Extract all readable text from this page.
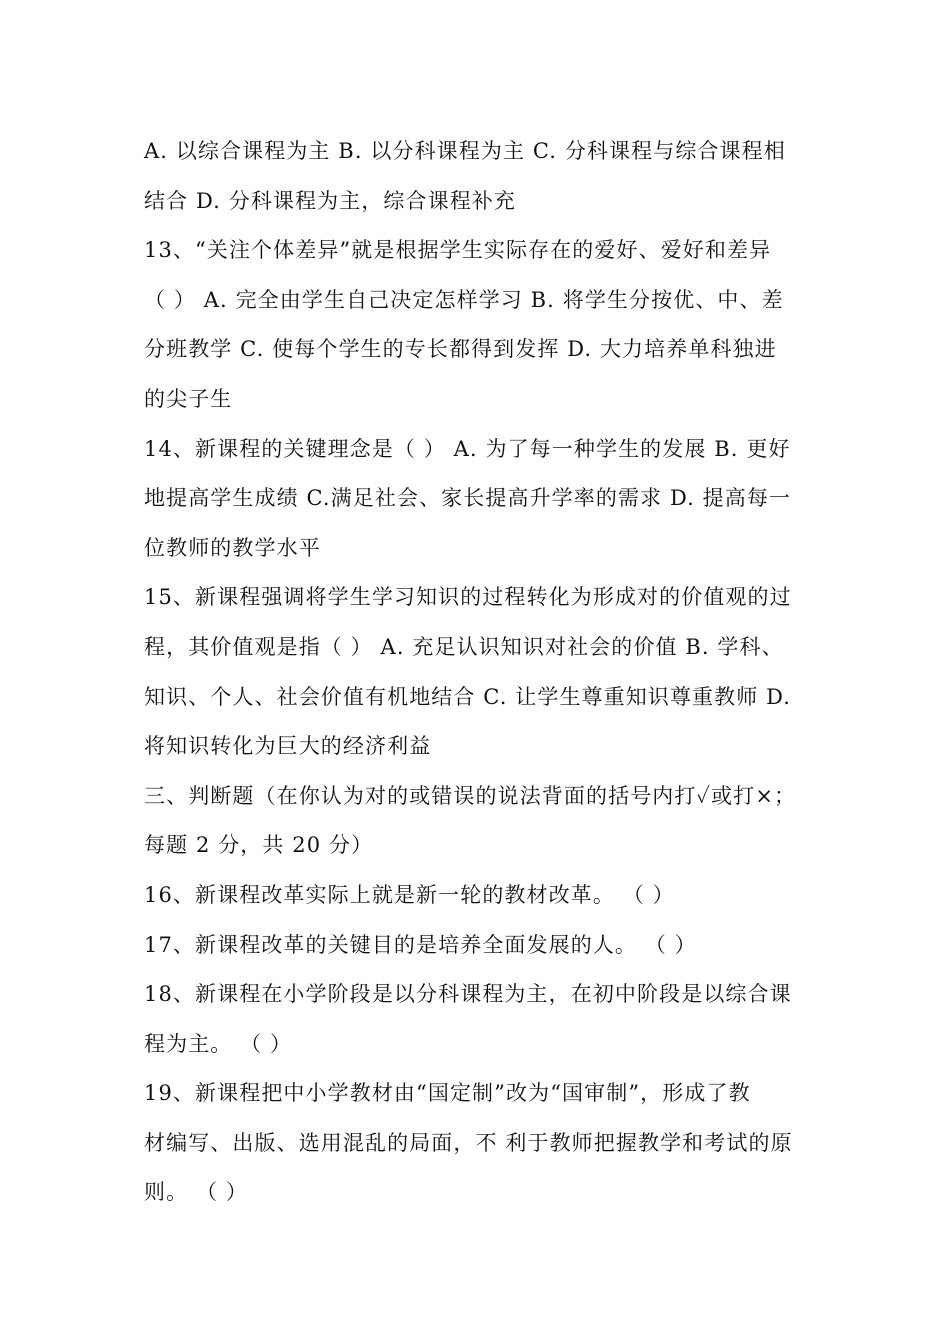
A. 以综合课程为主 B. 以分科课程为主 C. 分科课程与综合课程相
结合 D. 分科课程为主，综合课程补充
13、“关注个体差异”就是根据学生实际存在的爱好、爱好和差异
（ ） A. 完全由学生自己决定怎样学习 B. 将学生分按优、中、差
分班教学 C. 使每个学生的专长都得到发挥 D. 大力培养单科独进
的尖子生
14、新课程的关键理念是（ ） A. 为了每一种学生的发展 B. 更好
地提高学生成绩 C.满足社会、家长提高升学率的需求 D. 提高每一
位教师的教学水平
15、新课程强调将学生学习知识的过程转化为形成对的价值观的过
程，其价值观是指（ ） A. 充足认识知识对社会的价值 B. 学科、
知识、个人、社会价值有机地结合 C. 让学生尊重知识尊重教师 D.
将知识转化为巨大的经济利益
三、判断题（在你认为对的或错误的说法背面的括号内打✓或打×；
每题 2 分，共 20 分）
16、新课程改革实际上就是新一轮的教材改革。 （ ）
17、新课程改革的关键目的是培养全面发展的人。 （ ）
18、新课程在小学阶段是以分科课程为主，在初中阶段是以综合课
程为主。 （ ）
19、新课程把中小学教材由“国定制”改为“国审制”，形成了教
材编写、出版、选用混乱的局面，不 利于教师把握教学和考试的原
则。 （ ）
